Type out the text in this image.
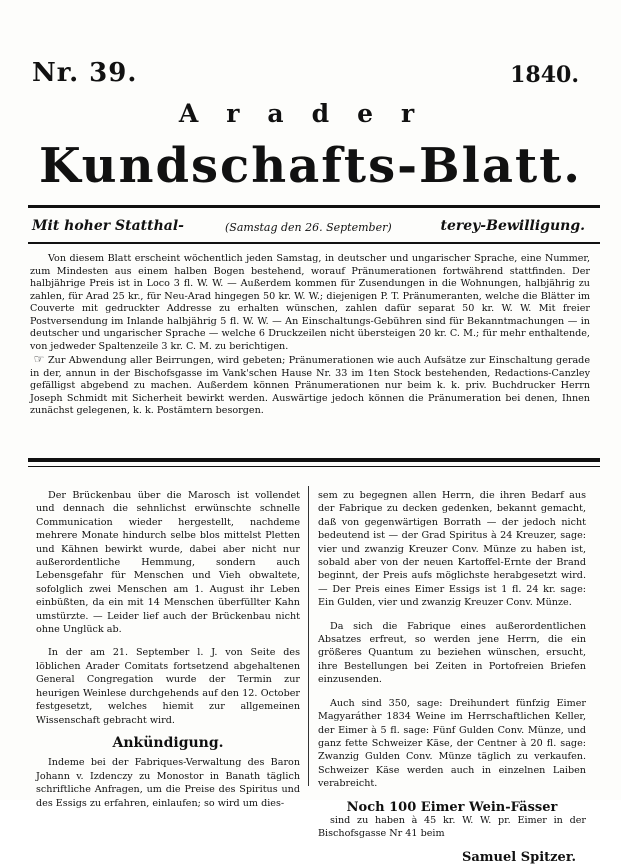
Nr. 39.	1840.
Arader
Kundschafts-Blatt.
Mit hoher Statthal-	(Samstag den 26. September)	terey-Bewilligung.

Von diesem Blatt erscheint wöchentlich jeden Samstag, in deutscher und ungarischer Sprache, eine Nummer, zum Mindesten aus einem halben Bogen bestehend, worauf Pränumerationen fortwährend stattfinden. Der halbjährige Preis ist in Loco 3 fl. W. W. — Außerdem kommen für Zusendungen in die Wohnungen, halbjährig zu zahlen, für Arad 25 kr., für Neu-Arad hingegen 50 kr. W. W.; diejenigen P. T. Pränumeranten, welche die Blätter im Couverte mit gedruckter Addresse zu erhalten wünschen, zahlen dafür separat 50 kr. W. W. Mit freier Postversendung im Inlande halbjährig 5 fl. W. W. — An Einschaltungs-Gebühren sind für Bekanntmachungen — in deutscher und ungarischer Sprache — welche 6 Druckzeilen nicht übersteigen 20 kr. C. M.; für mehr enthaltende, von jedweder Spaltenzeile 3 kr. C. M. zu berichtigen.

☞ Zur Abwendung aller Beirrungen, wird gebeten; Pränumerationen wie auch Aufsätze zur Einschaltung gerade in der, annun in der Bischofsgasse im Vank'schen Hause Nr. 33 im 1ten Stock bestehenden, Redactions-Canzley gefälligst abgebend zu machen. Außerdem können Pränumerationen nur beim k. k. priv. Buchdrucker Herrn Joseph Schmidt mit Sicherheit bewirkt werden. Auswärtige jedoch können die Pränumeration bei denen, Ihnen zunächst gelegenen, k. k. Postämtern besorgen.

Der Brückenbau über die Marosch ist vollendet und dennach die sehnlichst erwünschte schnelle Communication wieder hergestellt, nachdeme mehrere Monate hindurch selbe blos mittelst Pletten und Kähnen bewirkt wurde, dabei aber nicht nur außerordentliche Hemmung, sondern auch Lebensgefahr für Menschen und Vieh obwaltete, sofolglich zwei Menschen am 1. August ihr Leben einbüßten, da ein mit 14 Menschen überfüllter Kahn umstürzte. — Leider lief auch der Brückenbau nicht ohne Unglück ab.

In der am 21. September l. J. von Seite des löblichen Arader Comitats fortsetzend abgehaltenen General Congregation wurde der Termin zur heurigen Weinlese durchgehends auf den 12. October festgesetzt, welches hiemit zur allgemeinen Wissenschaft gebracht wird.

Ankündigung.

Indeme bei der Fabriques-Verwaltung des Baron Johann v. Izdenczy zu Monostor in Banath täglich schriftliche Anfragen, um die Preise des Spiritus und des Essigs zu erfahren, einlaufen; so wird um dies-

sem zu begegnen allen Herrn, die ihren Bedarf aus der Fabrique zu decken gedenken, bekannt gemacht, daß von gegenwärtigen Borrath — der jedoch nicht bedeutend ist — der Grad Spiritus à 24 Kreuzer, sage: vier und zwanzig Kreuzer Conv. Münze zu haben ist, sobald aber von der neuen Kartoffel-Ernte der Brand beginnt, der Preis aufs möglichste herabgesetzt wird. — Der Preis eines Eimer Essigs ist 1 fl. 24 kr. sage: Ein Gulden, vier und zwanzig Kreuzer Conv. Münze.

Da sich die Fabrique eines außerordentlichen Absatzes erfreut, so werden jene Herrn, die ein größeres Quantum zu beziehen wünschen, ersucht, ihre Bestellungen bei Zeiten in Portofreien Briefen einzusenden.

Auch sind 350, sage: Dreihundert fünfzig Eimer Magyaráther 1834 Weine im Herrschaftlichen Keller, der Eimer à 5 fl. sage: Fünf Gulden Conv. Münze, und ganz fette Schweizer Käse, der Centner à 20 fl. sage: Zwanzig Gulden Conv. Münze täglich zu verkaufen. Schweizer Käse werden auch in einzelnen Laiben verabreicht.

Noch 100 Eimer Wein-Fässer

sind zu haben à 45 kr. W. W. pr. Eimer in der Bischofsgasse Nr 41 beim

Samuel Spitzer.
